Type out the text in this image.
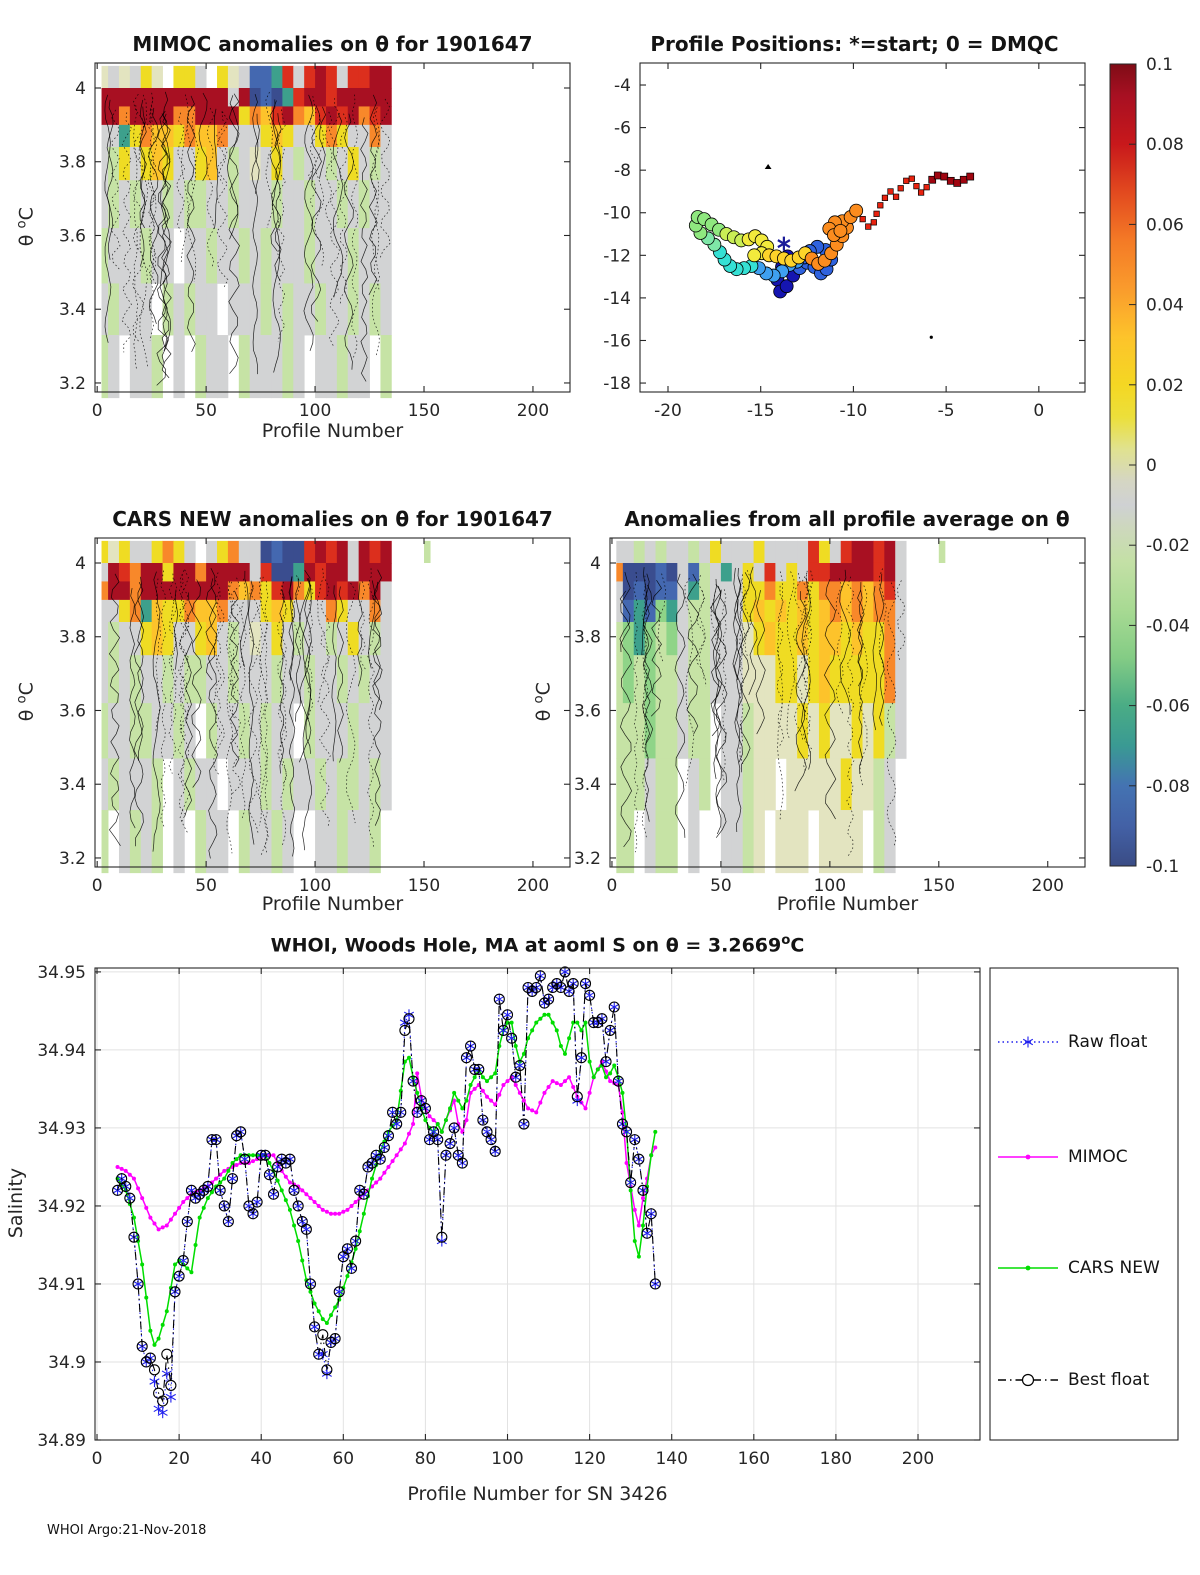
0	50	100	150	200
4
3.8
3.6
3.4
3.2
-20	-15	-10	-5	0
-4
-6
-8
-10
-12
-14
-16
-18
0	50	100	150	200
4
3.8
3.6
3.4
3.2
0	50	100	150	200
4
3.8
3.6
3.4
3.2
0	20	40	60	80	100	120	140	160	180	200
34.95
34.94
34.93
34.92
34.91
34.9
34.89
0.1
0.08
0.06
0.04
0.02
0
-0.02
-0.04
-0.06
-0.08
-0.1
MIMOC anomalies on θ for 1901647	Profile Positions: *=start; 0 = DMQC
CARS NEW anomalies on θ for 1901647	Anomalies from all profile average on θ
WHOI, Woods Hole, MA at aoml S on $\theta = 3.2669^oC$
Profile Number
θ $^o$C
Profile Number
θ $^o$C
Profile Number
θ $^o$C
Profile Number for SN 3426
Salinity
Raw float
MIMOC
CARS NEW
Best float
WHOI Argo:21-Nov-2018
